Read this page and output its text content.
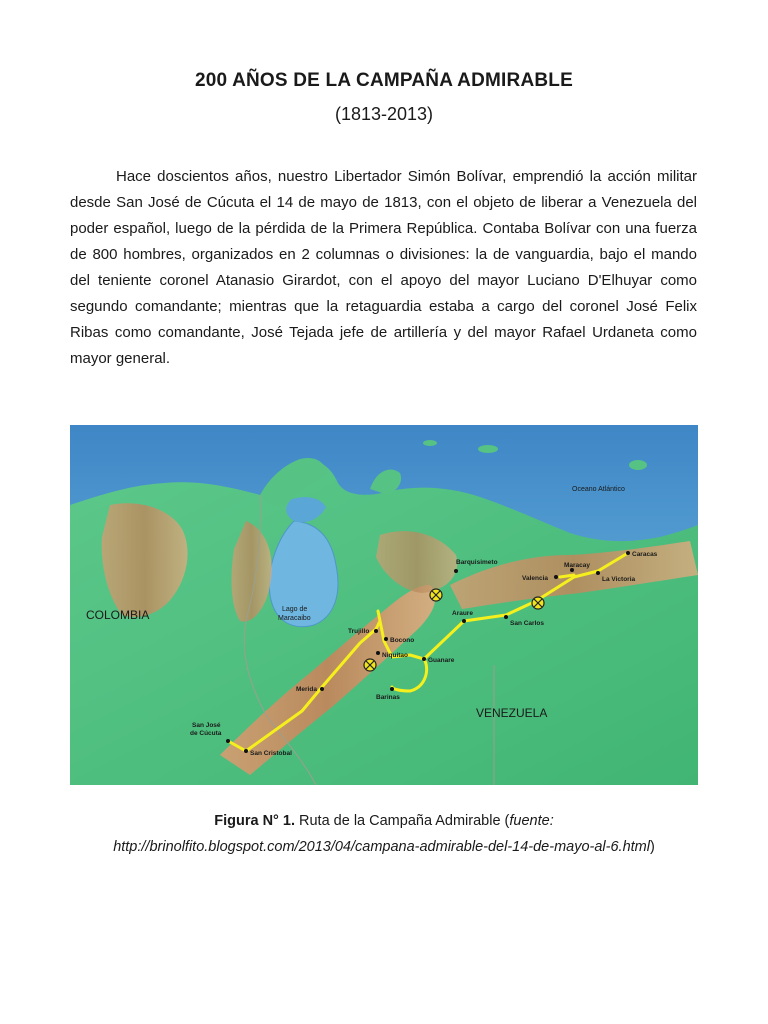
200 AÑOS DE LA CAMPAÑA ADMIRABLE
(1813-2013)

Hace doscientos años, nuestro Libertador Simón Bolívar, emprendió la acción militar desde San José de Cúcuta el 14 de mayo de 1813, con el objeto de liberar a Venezuela del poder español, luego de la pérdida de la Primera República. Contaba Bolívar con una fuerza de 800 hombres, organizados en 2 columnas o divisiones: la de vanguardia, bajo el mando del teniente coronel Atanasio Girardot, con el apoyo del mayor Luciano D'Elhuyar como segundo comandante; mientras que la retaguardia estaba a cargo del coronel José Felix Ribas como comandante, José Tejada jefe de artillería y del mayor Rafael Urdaneta como mayor general.

Oceano Atlántico
Lago de
Maracaibo
COLOMBIA
VENEZUELA
Caracas
Maracay
Valencia	La Victoria
Barquisimeto
Araure
San Carlos
Trujillo
Bocono
Niquitao
Guanare
Barinas
Merida
San José
de Cúcuta
San Cristobal
Figura N° 1. Ruta de la Campaña Admirable (fuente:
http://brinolfito.blogspot.com/2013/04/campana-admirable-del-14-de-mayo-al-6.html)
